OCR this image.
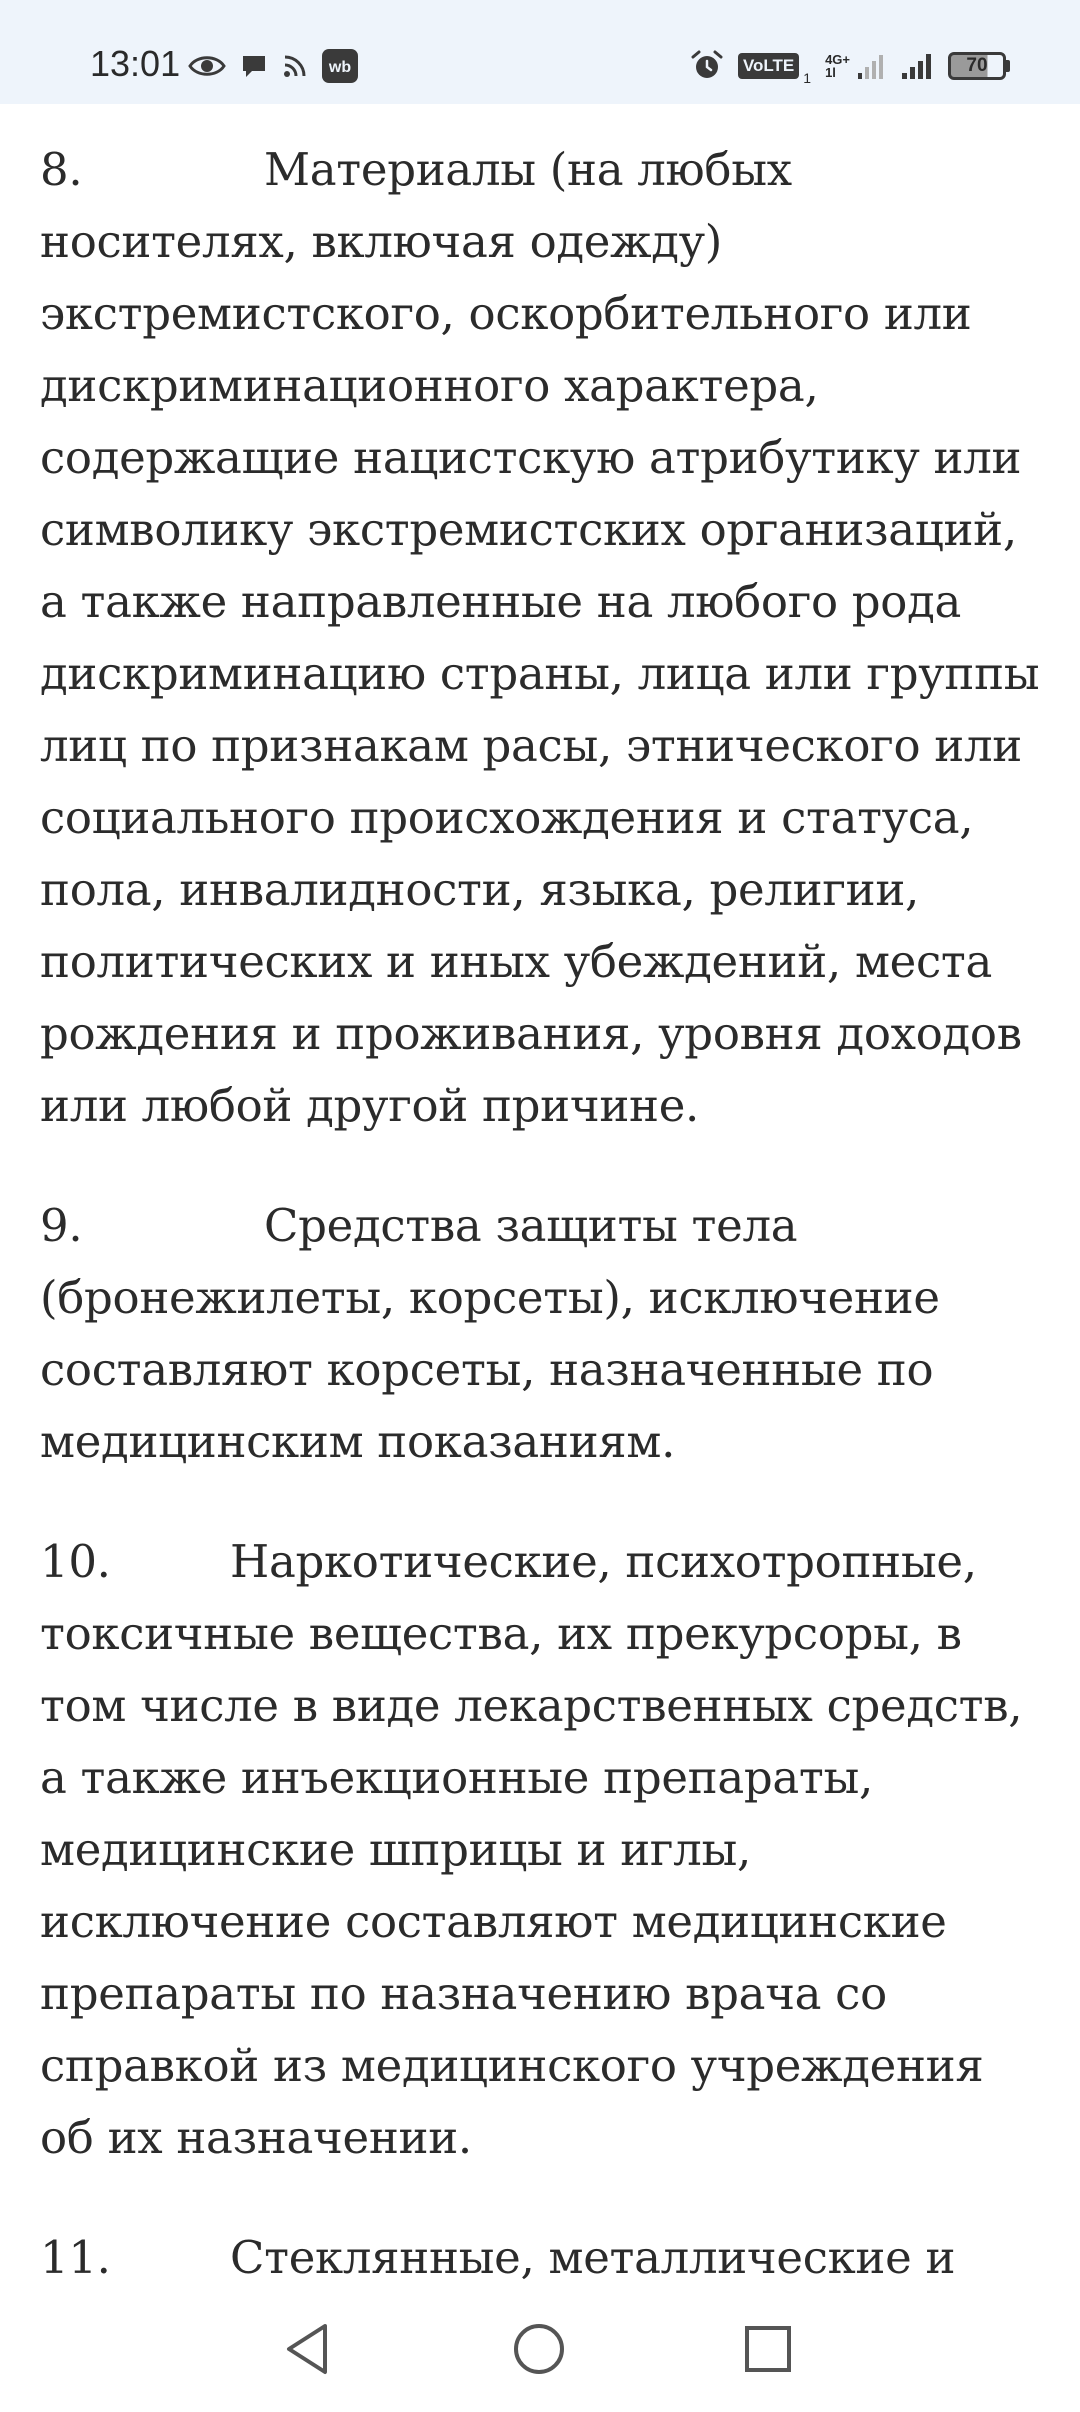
13:01	wb	VoLTE
1
4G+
1l	70

8.	Материалы (на любых носителях, включая одежду) экстремистского, оскорбительного или дискриминационного характера, содержащие нацистскую атрибутику или символику экстремистских организаций, а также направленные на любого рода дискриминацию страны, лица или группы лиц по признакам расы, этнического или социального происхождения и статуса, пола, инвалидности, языка, религии, политических и иных убеждений, места рождения и проживания, уровня доходов или любой другой причине.

9.	Средства защиты тела (бронежилеты, корсеты), исключение составляют корсеты, назначенные по медицинским показаниям.

10.	Наркотические, психотропные, токсичные вещества, их прекурсоры, в том числе в виде лекарственных средств, а также инъекционные препараты, медицинские шприцы и иглы, исключение составляют медицинские препараты по назначению врача со справкой из медицинского учреждения об их назначении.

11.	Стеклянные, металлические и
